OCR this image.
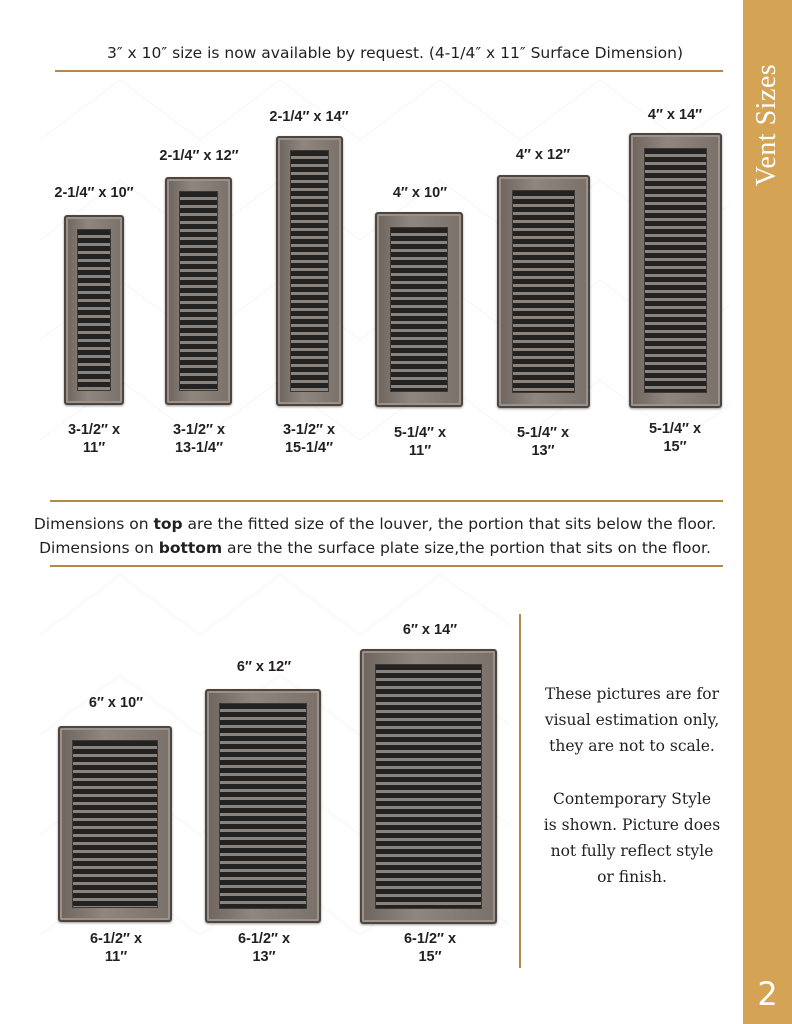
Vent Sizes
2
3″ x 10″ size is now available by request. (4-1/4″ x 11″ Surface Dimension)
2-1/4″ x 10″
3-1/2″ x
11″
2-1/4″ x 12″
3-1/2″ x
13-1/4″
2-1/4″ x 14″
3-1/2″ x
15-1/4″
4″ x 10″
5-1/4″ x
11″
4″ x 12″
5-1/4″ x
13″
4″ x 14″
5-1/4″ x
15″
Dimensions on top are the fitted size of the louver, the portion that sits below the floor.
Dimensions on bottom are the the surface plate size,the portion that sits on the floor.
6″ x 10″
6-1/2″ x
11″
6″ x 12″
6-1/2″ x
13″
6″ x 14″
6-1/2″ x
15″
These pictures are for
visual estimation only,
they are not to scale.
Contemporary Style
is shown. Picture does
not fully reflect style
or finish.
